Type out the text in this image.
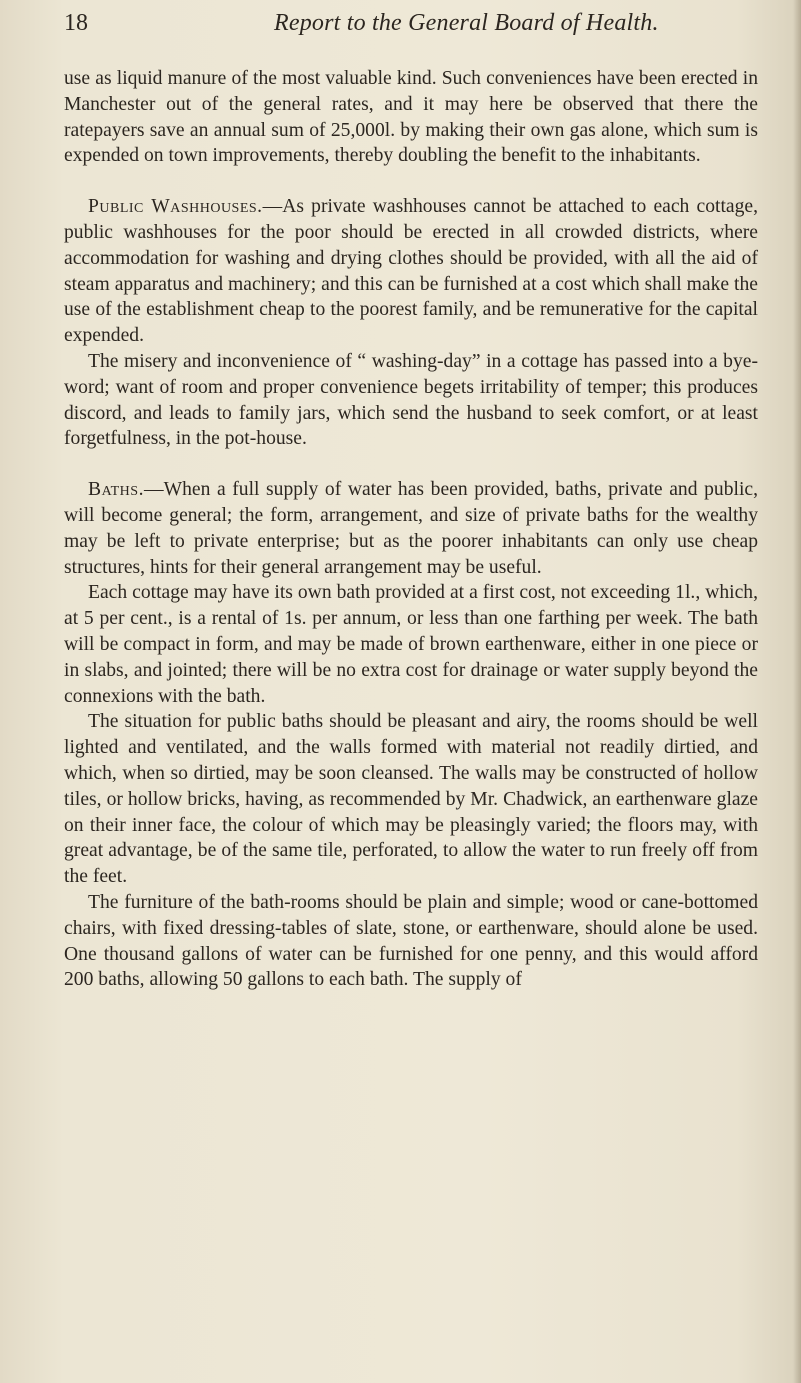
18	Report to the General Board of Health.

use as liquid manure of the most valuable kind. Such conveniences have been erected in Manchester out of the general rates, and it may here be observed that there the ratepayers save an annual sum of 25,000l. by making their own gas alone, which sum is expended on town improvements, thereby doubling the benefit to the inhabitants.

Public Washhouses.—As private washhouses cannot be attached to each cottage, public washhouses for the poor should be erected in all crowded districts, where accommodation for washing and drying clothes should be provided, with all the aid of steam apparatus and machinery; and this can be furnished at a cost which shall make the use of the establishment cheap to the poorest family, and be remunerative for the capital expended.

The misery and inconvenience of “ washing-day” in a cottage has passed into a bye-word; want of room and proper convenience begets irritability of temper; this produces discord, and leads to family jars, which send the husband to seek comfort, or at least forgetfulness, in the pot-house.

Baths.—When a full supply of water has been provided, baths, private and public, will become general; the form, arrangement, and size of private baths for the wealthy may be left to private enterprise; but as the poorer inhabitants can only use cheap structures, hints for their general arrangement may be useful.

Each cottage may have its own bath provided at a first cost, not exceeding 1l., which, at 5 per cent., is a rental of 1s. per annum, or less than one farthing per week. The bath will be compact in form, and may be made of brown earthenware, either in one piece or in slabs, and jointed; there will be no extra cost for drainage or water supply beyond the connexions with the bath.

The situation for public baths should be pleasant and airy, the rooms should be well lighted and ventilated, and the walls formed with material not readily dirtied, and which, when so dirtied, may be soon cleansed. The walls may be constructed of hollow tiles, or hollow bricks, having, as recommended by Mr. Chadwick, an earthenware glaze on their inner face, the colour of which may be pleasingly varied; the floors may, with great advantage, be of the same tile, perforated, to allow the water to run freely off from the feet.

The furniture of the bath-rooms should be plain and simple; wood or cane-bottomed chairs, with fixed dressing-tables of slate, stone, or earthenware, should alone be used. One thousand gallons of water can be furnished for one penny, and this would afford 200 baths, allowing 50 gallons to each bath. The supply of
